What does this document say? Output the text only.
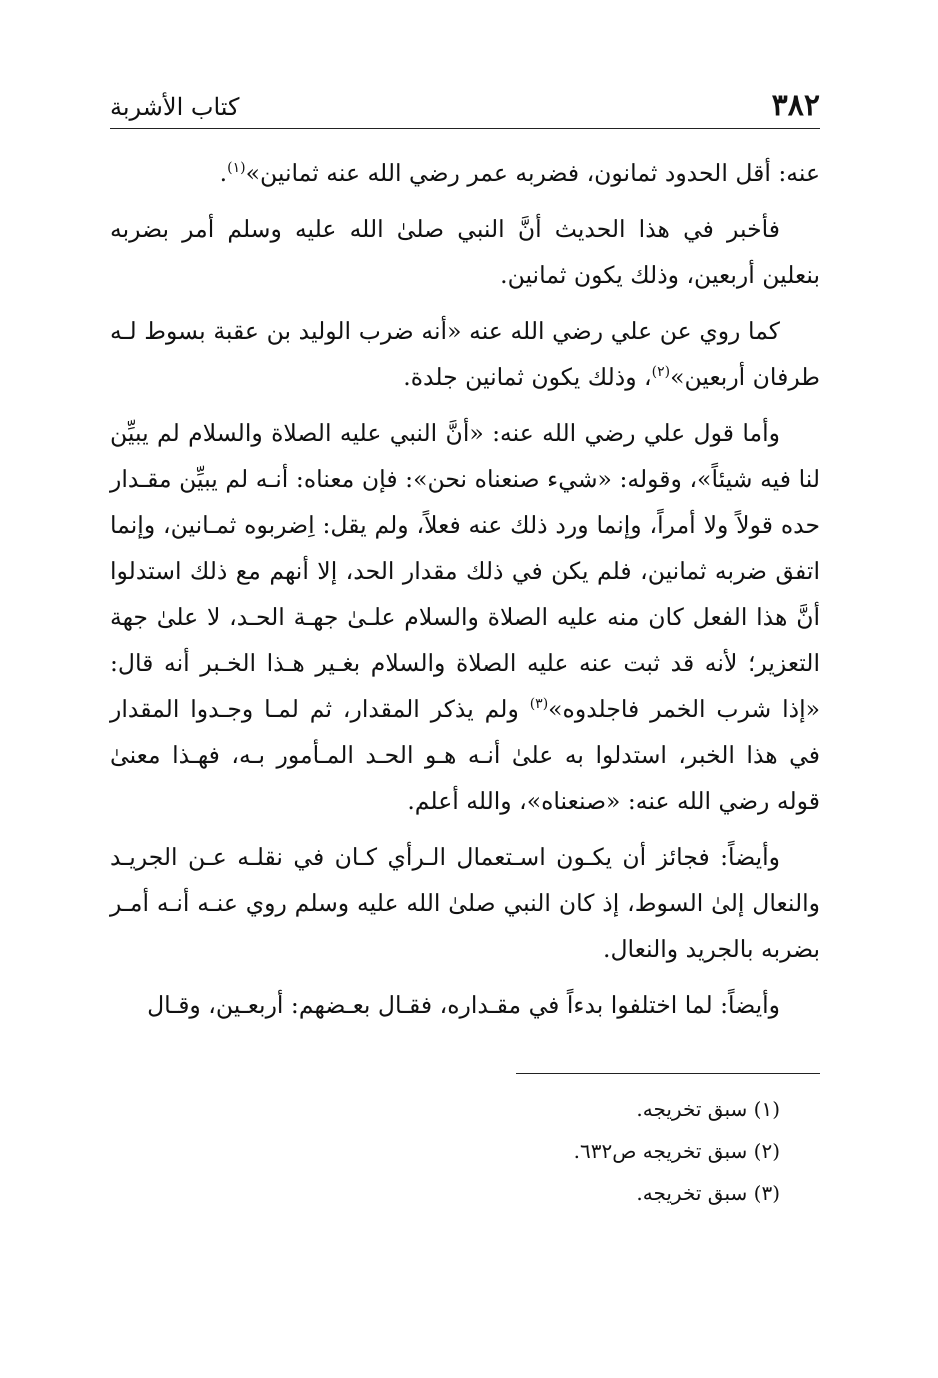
٣٨٢
كتاب الأشربة

عنه: أقل الحدود ثمانون، فضربه عمر رضي الله عنه ثمانين»$^{(١)}$.

فأخبر في هذا الحديث أنَّ النبي صلىٰ الله عليه وسلم أمر بضربه بنعلين أربعين، وذلك يكون ثمانين.

كما روي عن علي رضي الله عنه «أنه ضرب الوليد بن عقبة بسوط لـه طرفان أربعين»$^{(٢)}$، وذلك يكون ثمانين جلدة.

وأما قول علي رضي الله عنه: «أنَّ النبي عليه الصلاة والسلام لم يبيِّن لنا فيه شيئاً»، وقوله: «شيء صنعناه نحن»: فإن معناه: أنـه لم يبيِّن مقـدار حده قولاً ولا أمراً، وإنما ورد ذلك عنه فعلاً، ولم يقل: اِضربوه ثمـانين، وإنما اتفق ضربه ثمانين، فلم يكن في ذلك مقدار الحد، إلا أنهم مع ذلك استدلوا أنَّ هذا الفعل كان منه عليه الصلاة والسلام علـىٰ جهـة الحـد، لا علىٰ جهة التعزير؛ لأنه قد ثبت عنه عليه الصلاة والسلام بغـير هـذا الخـبر أنه قال: «إذا شرب الخمر فاجلدوه»$^{(٣)}$ ولم يذكر المقدار، ثم لمـا وجـدوا المقدار في هذا الخبر، استدلوا به علىٰ أنـه هـو الحـد المـأمور بـه، فهـذا معنىٰ قوله رضي الله عنه: «صنعناه»، والله أعلم.

وأيضاً: فجائز أن يكـون اسـتعمال الـرأي كـان في نقلـه عـن الجريـد والنعال إلىٰ السوط، إذ كان النبي صلىٰ الله عليه وسلم روي عنـه أنـه أمـر بضربه بالجريد والنعال.

وأيضاً: لما اختلفوا بدءاً في مقـداره، فقـال بعـضهم: أربعـين، وقـال

(١) سبق تخريجه.
(٢) سبق تخريجه ص٦٣٢.
(٣) سبق تخريجه.
